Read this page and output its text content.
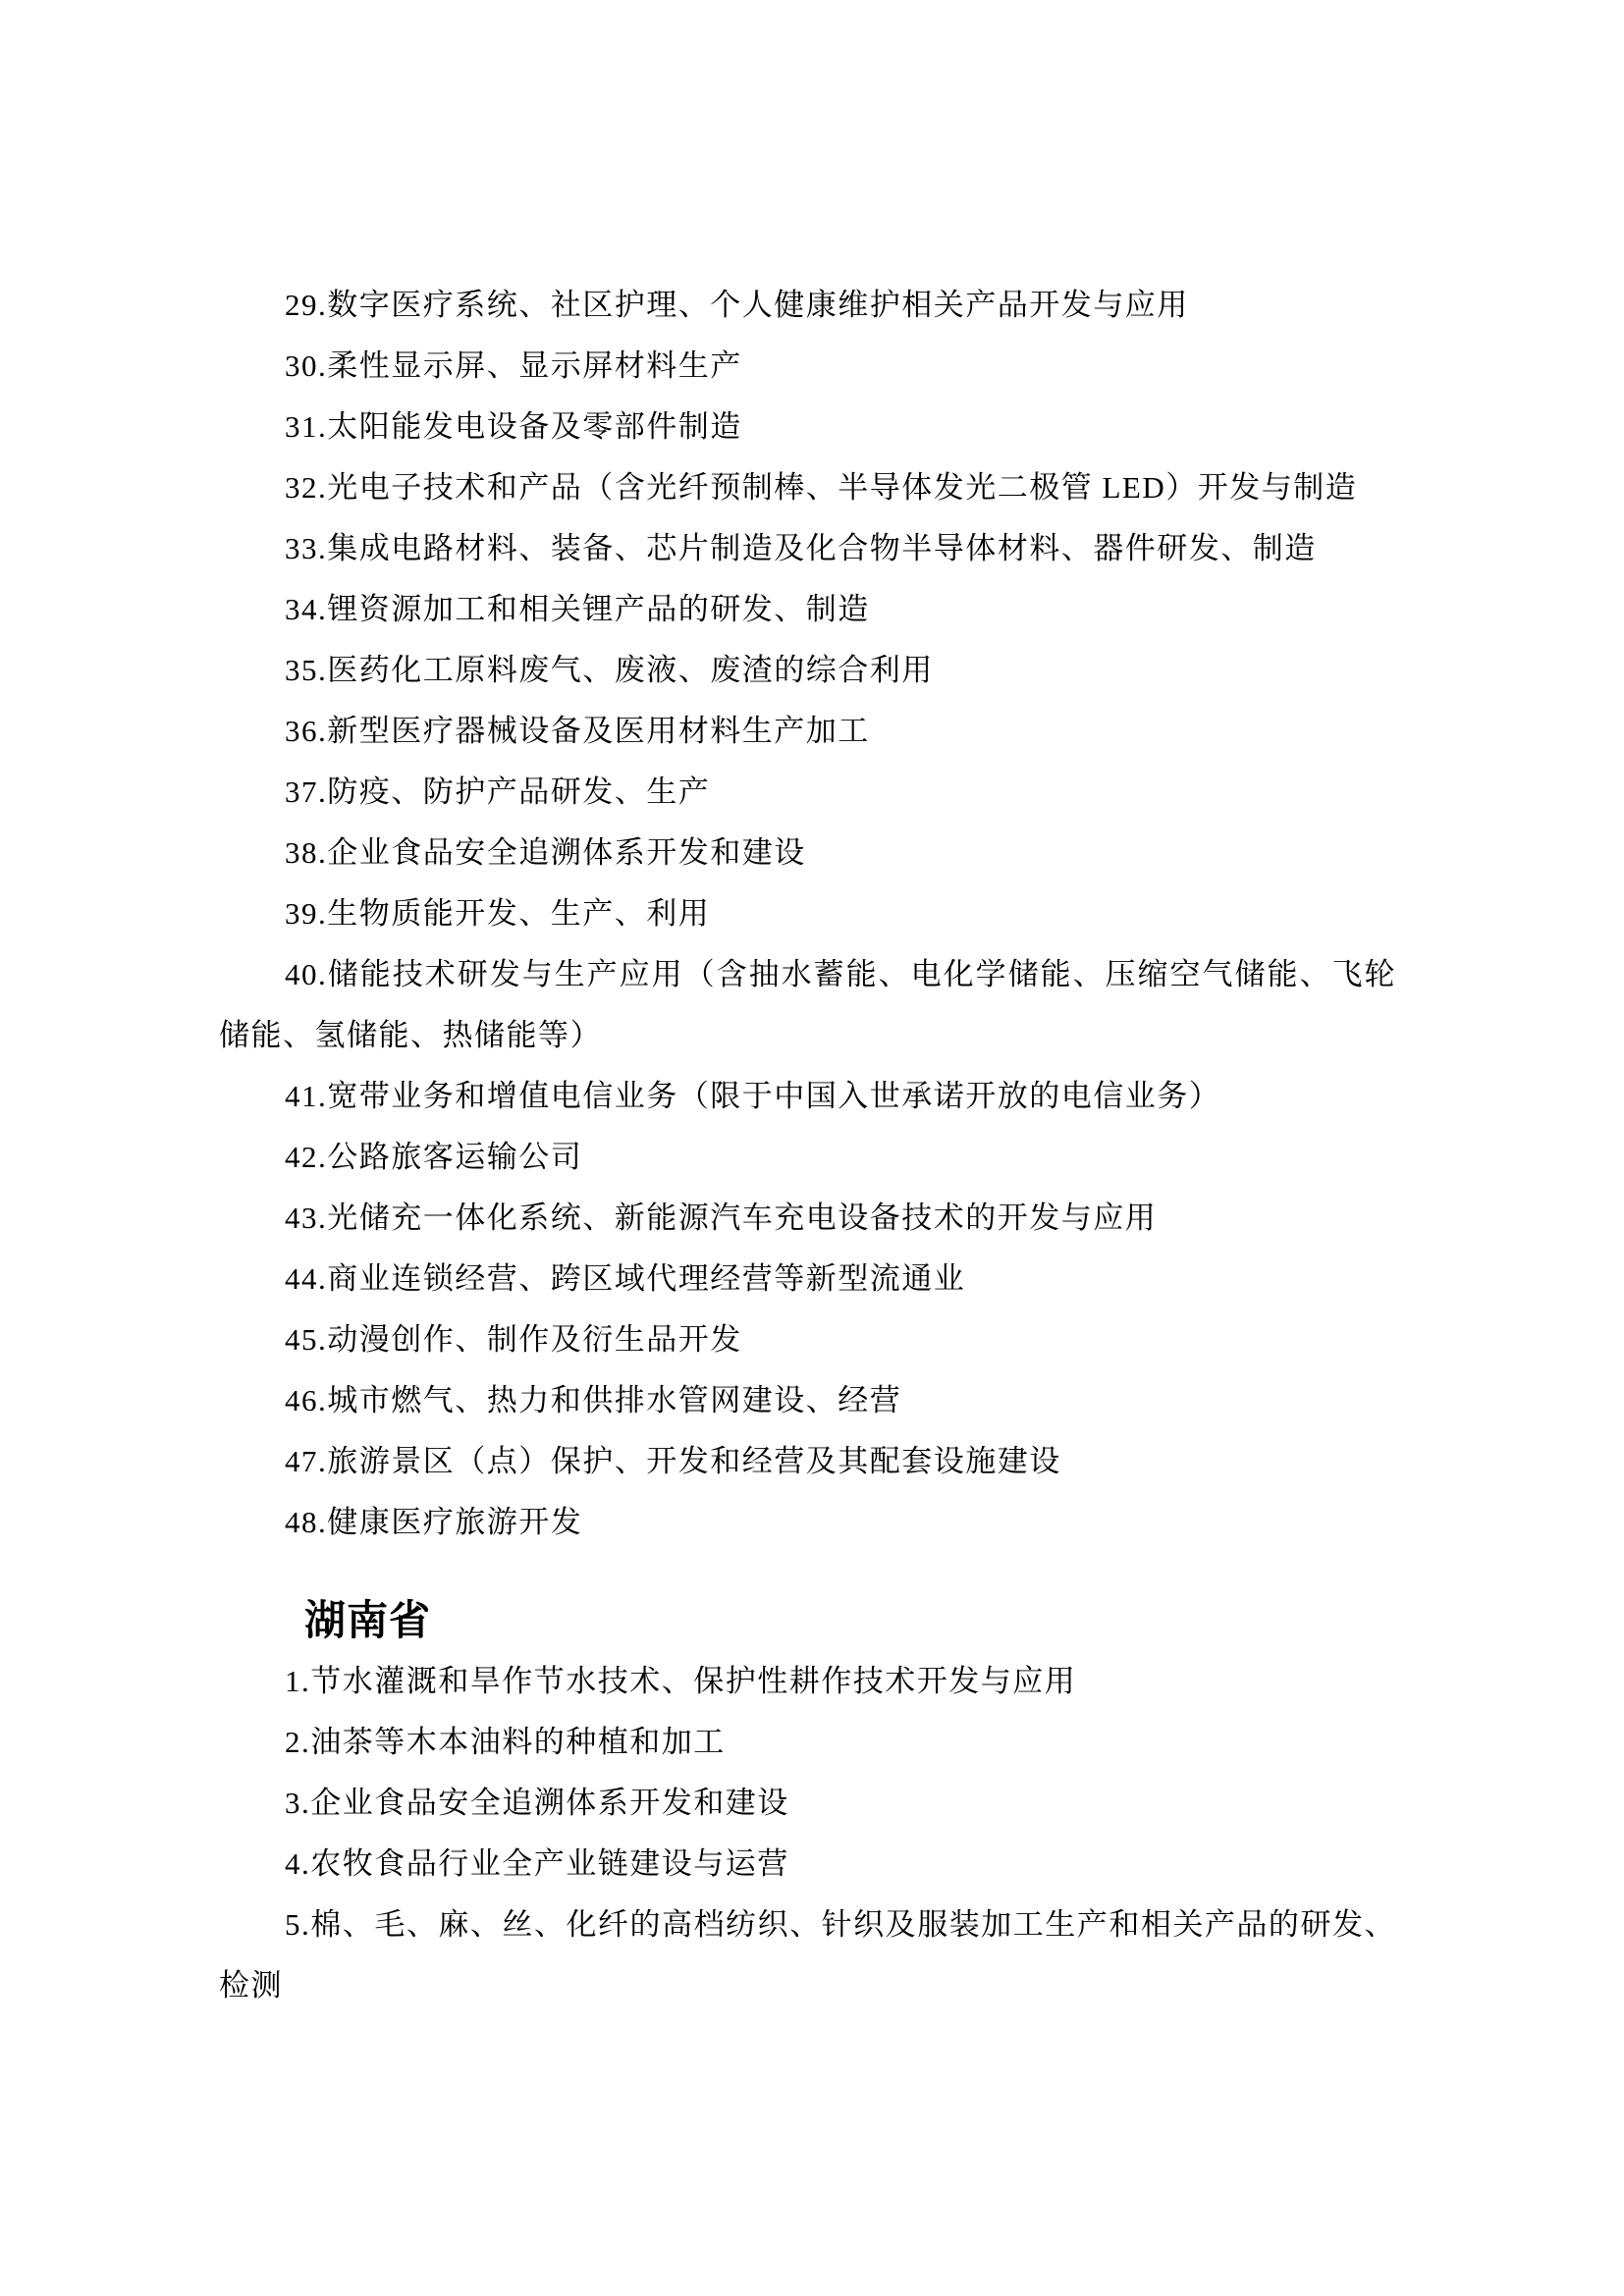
29.数字医疗系统、社区护理、个人健康维护相关产品开发与应用

30.柔性显示屏、显示屏材料生产

31.太阳能发电设备及零部件制造

32.光电子技术和产品（含光纤预制棒、半导体发光二极管 LED）开发与制造

33.集成电路材料、装备、芯片制造及化合物半导体材料、器件研发、制造

34.锂资源加工和相关锂产品的研发、制造

35.医药化工原料废气、废液、废渣的综合利用

36.新型医疗器械设备及医用材料生产加工

37.防疫、防护产品研发、生产

38.企业食品安全追溯体系开发和建设

39.生物质能开发、生产、利用

40.储能技术研发与生产应用（含抽水蓄能、电化学储能、压缩空气储能、飞轮储能、氢储能、热储能等）

41.宽带业务和增值电信业务（限于中国入世承诺开放的电信业务）

42.公路旅客运输公司

43.光储充一体化系统、新能源汽车充电设备技术的开发与应用

44.商业连锁经营、跨区域代理经营等新型流通业

45.动漫创作、制作及衍生品开发

46.城市燃气、热力和供排水管网建设、经营

47.旅游景区（点）保护、开发和经营及其配套设施建设

48.健康医疗旅游开发

湖南省

1.节水灌溉和旱作节水技术、保护性耕作技术开发与应用

2.油茶等木本油料的种植和加工

3.企业食品安全追溯体系开发和建设

4.农牧食品行业全产业链建设与运营

5.棉、毛、麻、丝、化纤的高档纺织、针织及服装加工生产和相关产品的研发、检测
